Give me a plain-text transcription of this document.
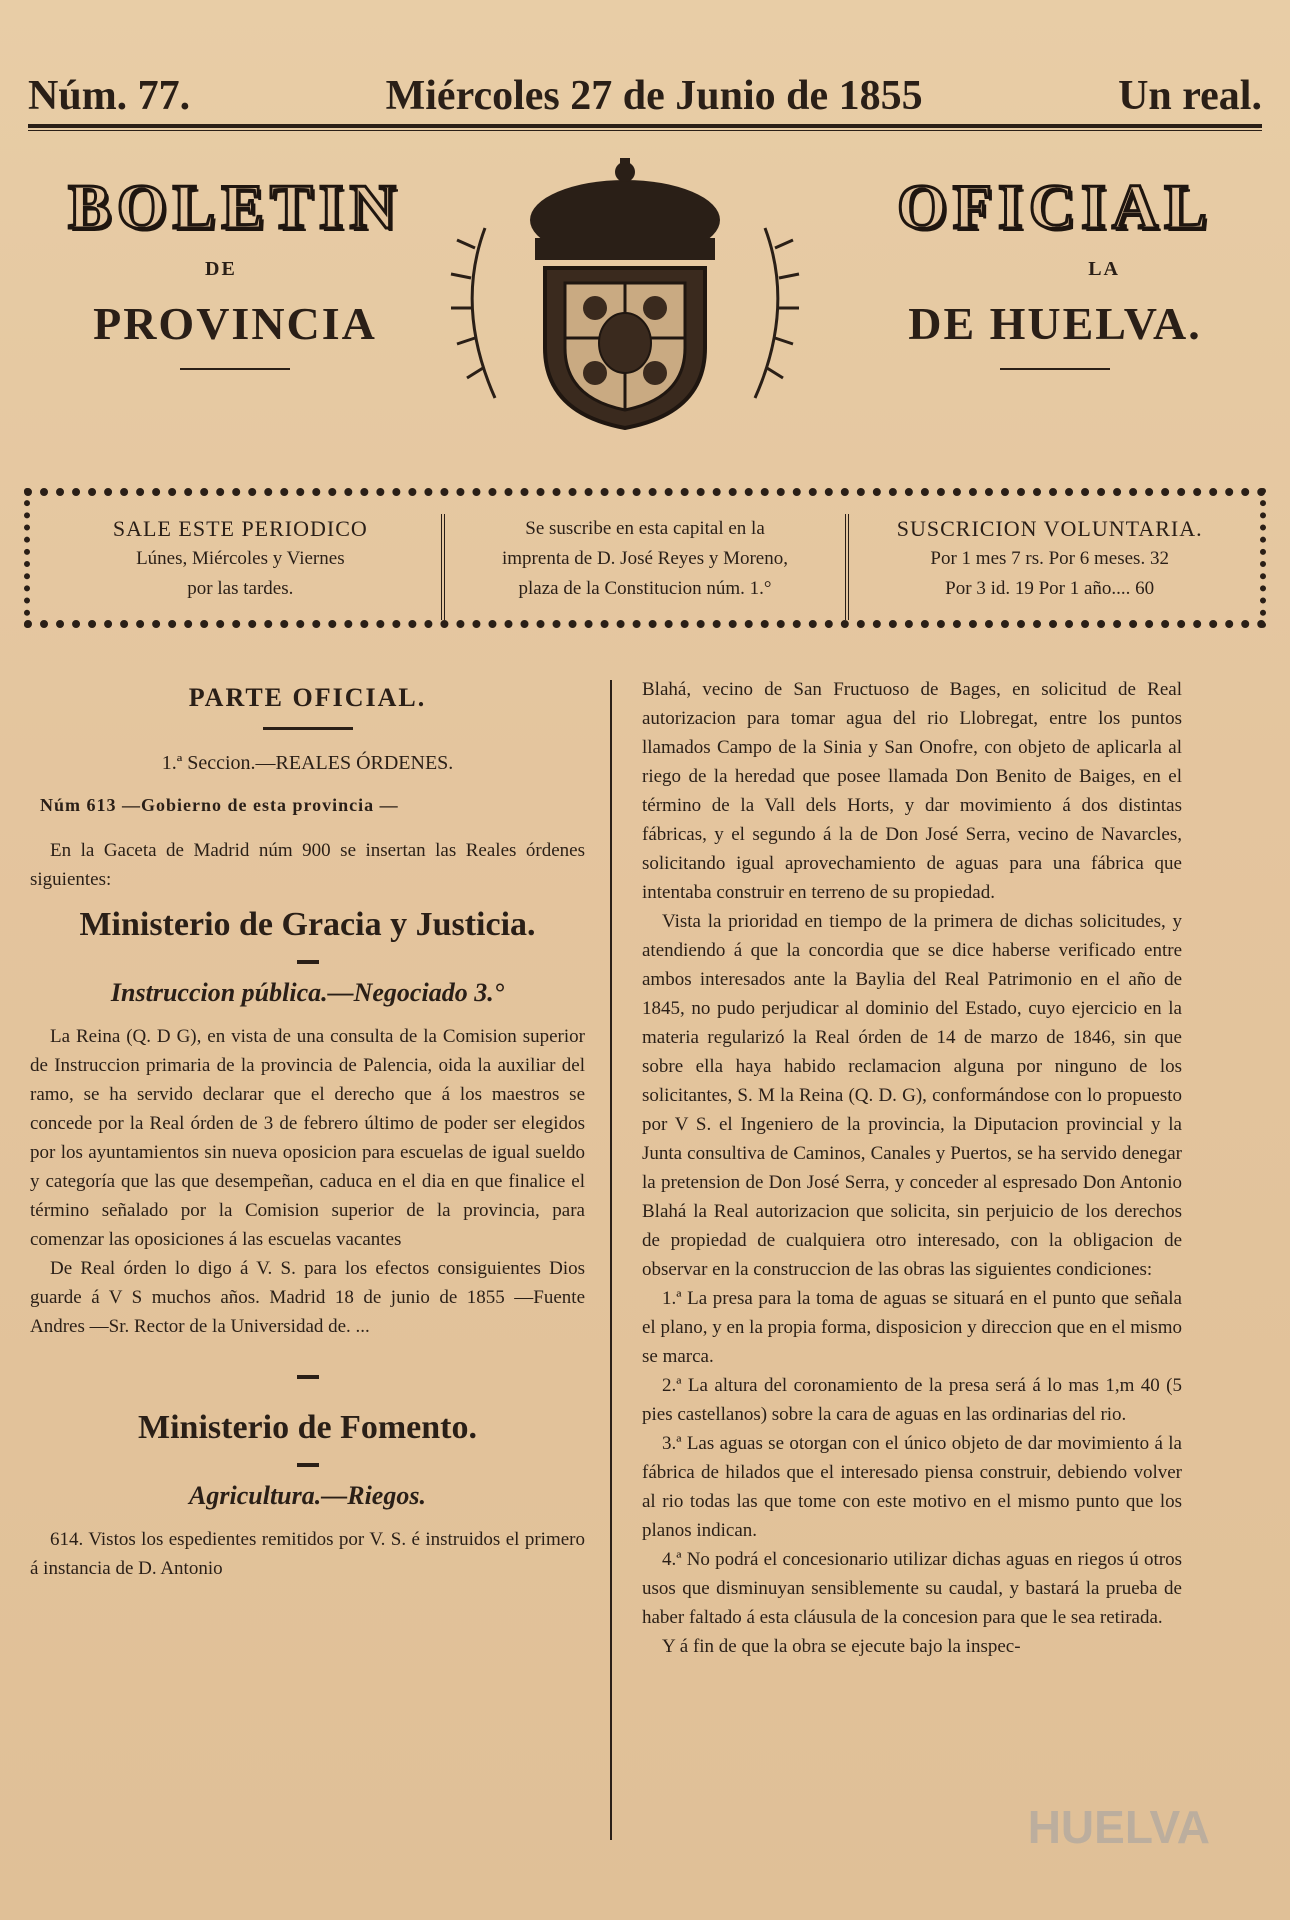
Núm. 77.	Miércoles 27 de Junio de 1855	Un real.
BOLETIN
DE
PROVINCIA
OFICIAL
LA
DE HUELVA.
SALE ESTE PERIODICO
Lúnes, Miércoles y Viernes
por las tardes.
Se suscribe en esta capital en la
imprenta de D. José Reyes y Moreno,
plaza de la Constitucion núm. 1.°
SUSCRICION VOLUNTARIA.
Por 1 mes 7 rs. Por 6 meses. 32
Por 3 id. 19 Por 1 año.... 60
PARTE OFICIAL.
1.ª Seccion.—REALES ÓRDENES.
Núm 613 —Gobierno de esta provincia —

En la Gaceta de Madrid núm 900 se insertan las Reales órdenes siguientes:

Ministerio de Gracia y Justicia.
Instruccion pública.—Negociado 3.°

La Reina (Q. D G), en vista de una consulta de la Comision superior de Instruccion primaria de la provincia de Palencia, oida la auxiliar del ramo, se ha servido declarar que el derecho que á los maestros se concede por la Real órden de 3 de febrero último de poder ser elegidos por los ayuntamientos sin nueva oposicion para escuelas de igual sueldo y categoría que las que desempeñan, caduca en el dia en que finalice el término señalado por la Comision superior de la provincia, para comenzar las oposiciones á las escuelas vacantes

De Real órden lo digo á V. S. para los efectos consiguientes Dios guarde á V S muchos años. Madrid 18 de junio de 1855 —Fuente Andres —Sr. Rector de la Universidad de. ...

Ministerio de Fomento.
Agricultura.—Riegos.

614. Vistos los espedientes remitidos por V. S. é instruidos el primero á instancia de D. Antonio

Blahá, vecino de San Fructuoso de Bages, en solicitud de Real autorizacion para tomar agua del rio Llobregat, entre los puntos llamados Campo de la Sinia y San Onofre, con objeto de aplicarla al riego de la heredad que posee llamada Don Benito de Baiges, en el término de la Vall dels Horts, y dar movimiento á dos distintas fábricas, y el segundo á la de Don José Serra, vecino de Navarcles, solicitando igual aprovechamiento de aguas para una fábrica que intentaba construir en terreno de su propiedad.

Vista la prioridad en tiempo de la primera de dichas solicitudes, y atendiendo á que la concordia que se dice haberse verificado entre ambos interesados ante la Baylia del Real Patrimonio en el año de 1845, no pudo perjudicar al dominio del Estado, cuyo ejercicio en la materia regularizó la Real órden de 14 de marzo de 1846, sin que sobre ella haya habido reclamacion alguna por ninguno de los solicitantes, S. M la Reina (Q. D. G), conformándose con lo propuesto por V S. el Ingeniero de la provincia, la Diputacion provincial y la Junta consultiva de Caminos, Canales y Puertos, se ha servido denegar la pretension de Don José Serra, y conceder al espresado Don Antonio Blahá la Real autorizacion que solicita, sin perjuicio de los derechos de propiedad de cualquiera otro interesado, con la obligacion de observar en la construccion de las obras las siguientes condiciones:

1.ª La presa para la toma de aguas se situará en el punto que señala el plano, y en la propia forma, disposicion y direccion que en el mismo se marca.

2.ª La altura del coronamiento de la presa será á lo mas 1,m 40 (5 pies castellanos) sobre la cara de aguas en las ordinarias del rio.

3.ª Las aguas se otorgan con el único objeto de dar movimiento á la fábrica de hilados que el interesado piensa construir, debiendo volver al rio todas las que tome con este motivo en el mismo punto que los planos indican.

4.ª No podrá el concesionario utilizar dichas aguas en riegos ú otros usos que disminuyan sensiblemente su caudal, y bastará la prueba de haber faltado á esta cláusula de la concesion para que le sea retirada.

Y á fin de que la obra se ejecute bajo la inspec-

HUELVA
